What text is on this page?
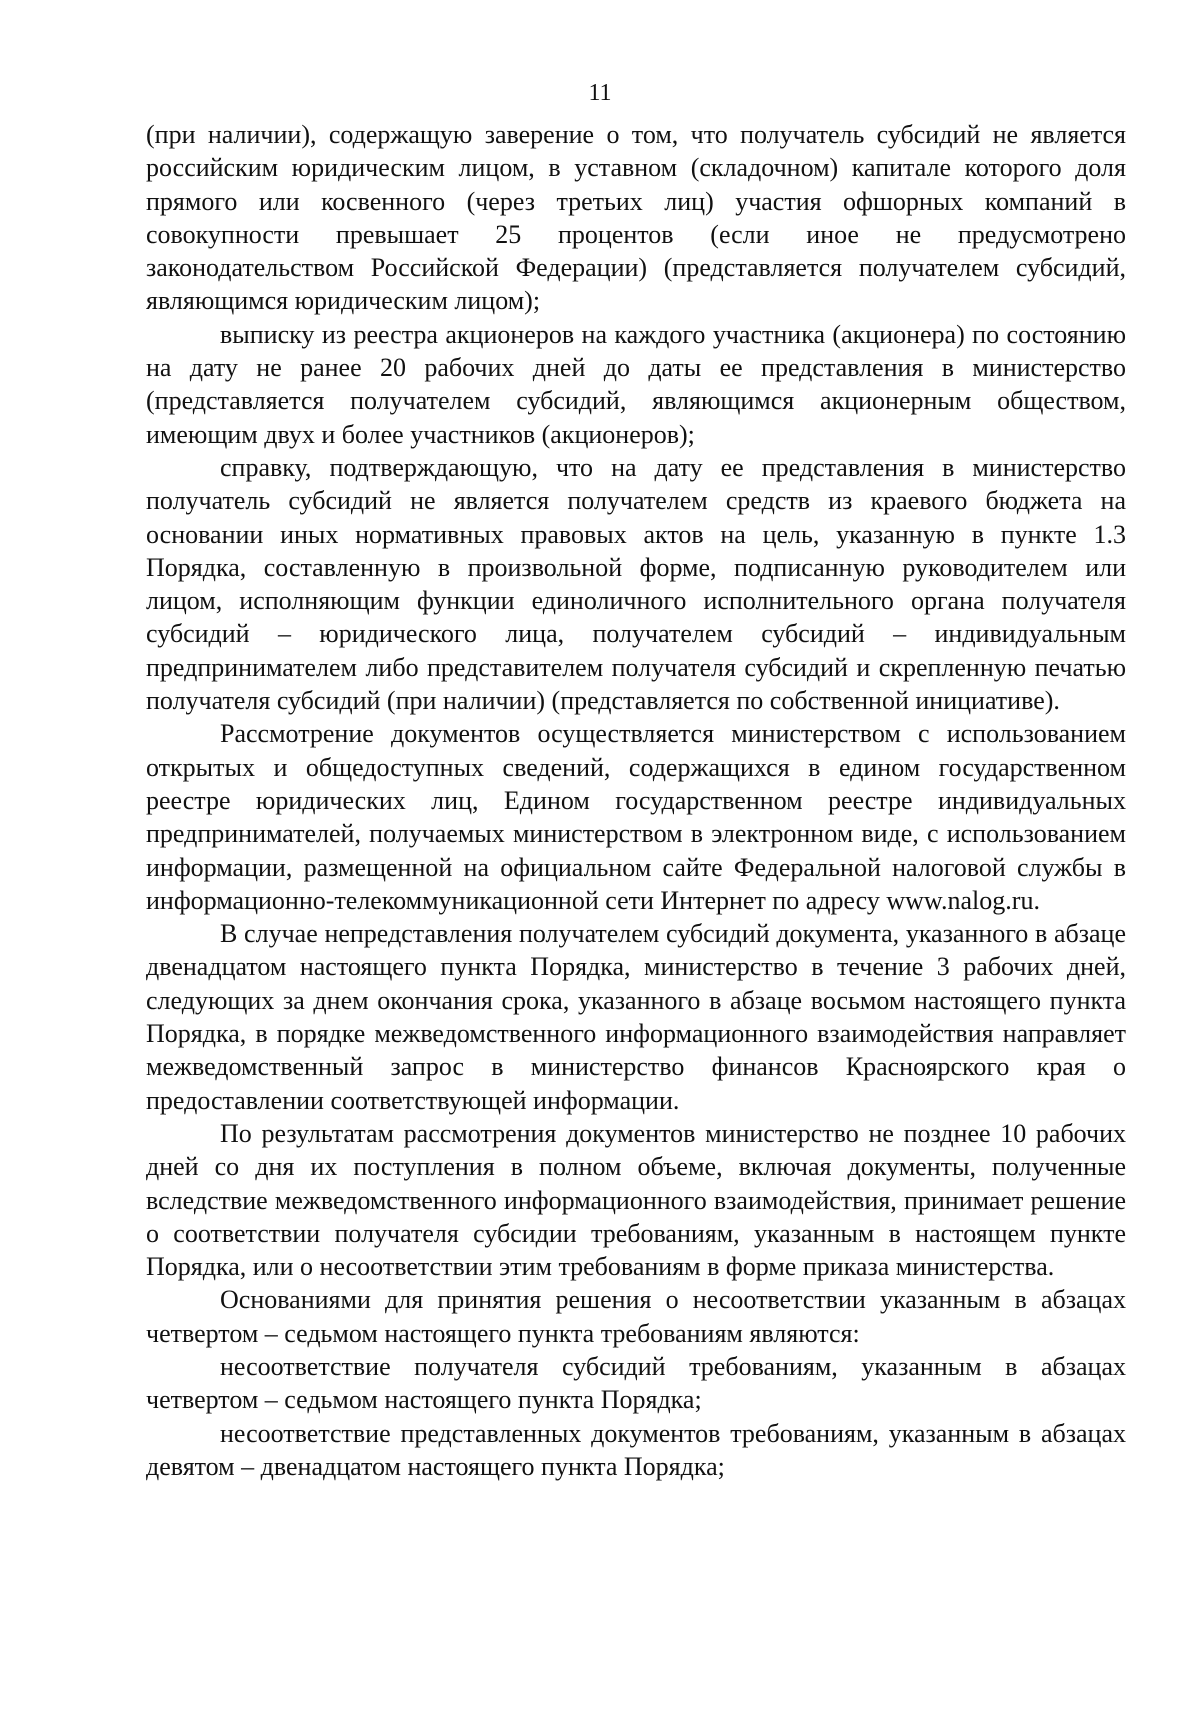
11

(при наличии), содержащую заверение о том, что получатель субсидий не является российским юридическим лицом, в уставном (складочном) капитале которого доля прямого или косвенного (через третьих лиц) участия офшорных компаний в совокупности превышает 25 процентов (если иное не предусмотрено законодательством Российской Федерации) (представляется получателем субсидий, являющимся юридическим лицом);

выписку из реестра акционеров на каждого участника (акционера) по состоянию на дату не ранее 20 рабочих дней до даты ее представления в министерство (представляется получателем субсидий, являющимся акционерным обществом, имеющим двух и более участников (акционеров);

справку, подтверждающую, что на дату ее представления в министерство получатель субсидий не является получателем средств из краевого бюджета на основании иных нормативных правовых актов на цель, указанную в пункте 1.3 Порядка, составленную в произвольной форме, подписанную руководителем или лицом, исполняющим функции единоличного исполнительного органа получателя субсидий – юридического лица, получателем субсидий – индивидуальным предпринимателем либо представителем получателя субсидий и скрепленную печатью получателя субсидий (при наличии) (представляется по собственной инициативе).

Рассмотрение документов осуществляется министерством с использованием открытых и общедоступных сведений, содержащихся в едином государственном реестре юридических лиц, Едином государственном реестре индивидуальных предпринимателей, получаемых министерством в электронном виде, с использованием информации, размещенной на официальном сайте Федеральной налоговой службы в информационно-телекоммуникационной сети Интернет по адресу www.nalog.ru.

В случае непредставления получателем субсидий документа, указанного в абзаце двенадцатом настоящего пункта Порядка, министерство в течение 3 рабочих дней, следующих за днем окончания срока, указанного в абзаце восьмом настоящего пункта Порядка, в порядке межведомственного информационного взаимодействия направляет межведомственный запрос в министерство финансов Красноярского края о предоставлении соответствующей информации.

По результатам рассмотрения документов министерство не позднее 10 рабочих дней со дня их поступления в полном объеме, включая документы, полученные вследствие межведомственного информационного взаимодействия, принимает решение о соответствии получателя субсидии требованиям, указанным в настоящем пункте Порядка, или о несоответствии этим требованиям в форме приказа министерства.

Основаниями для принятия решения о несоответствии указанным в абзацах четвертом – седьмом настоящего пункта требованиям являются:

несоответствие получателя субсидий требованиям, указанным в абзацах четвертом – седьмом настоящего пункта Порядка;

несоответствие представленных документов требованиям, указанным в абзацах девятом – двенадцатом настоящего пункта Порядка;
